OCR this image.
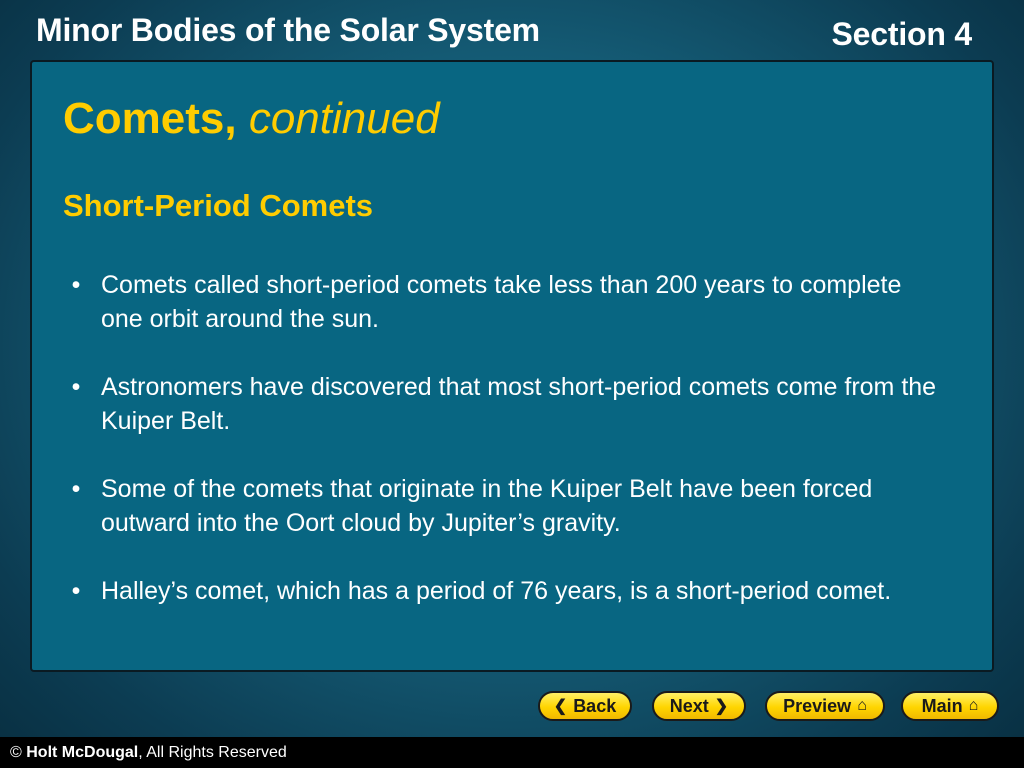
Minor Bodies of the Solar System	Section 4
Comets, continued
Short-Period Comets
• Comets called short-period comets take less than 200 years to complete one orbit around the sun.
• Astronomers have discovered that most short-period comets come from the Kuiper Belt.
• Some of the comets that originate in the Kuiper Belt have been forced outward into the Oort cloud by Jupiter’s gravity.
• Halley’s comet, which has a period of 76 years, is a short-period comet.
❮ Back	Next ❯	Preview ⌂	Main ⌂
© Holt McDougal, All Rights Reserved
